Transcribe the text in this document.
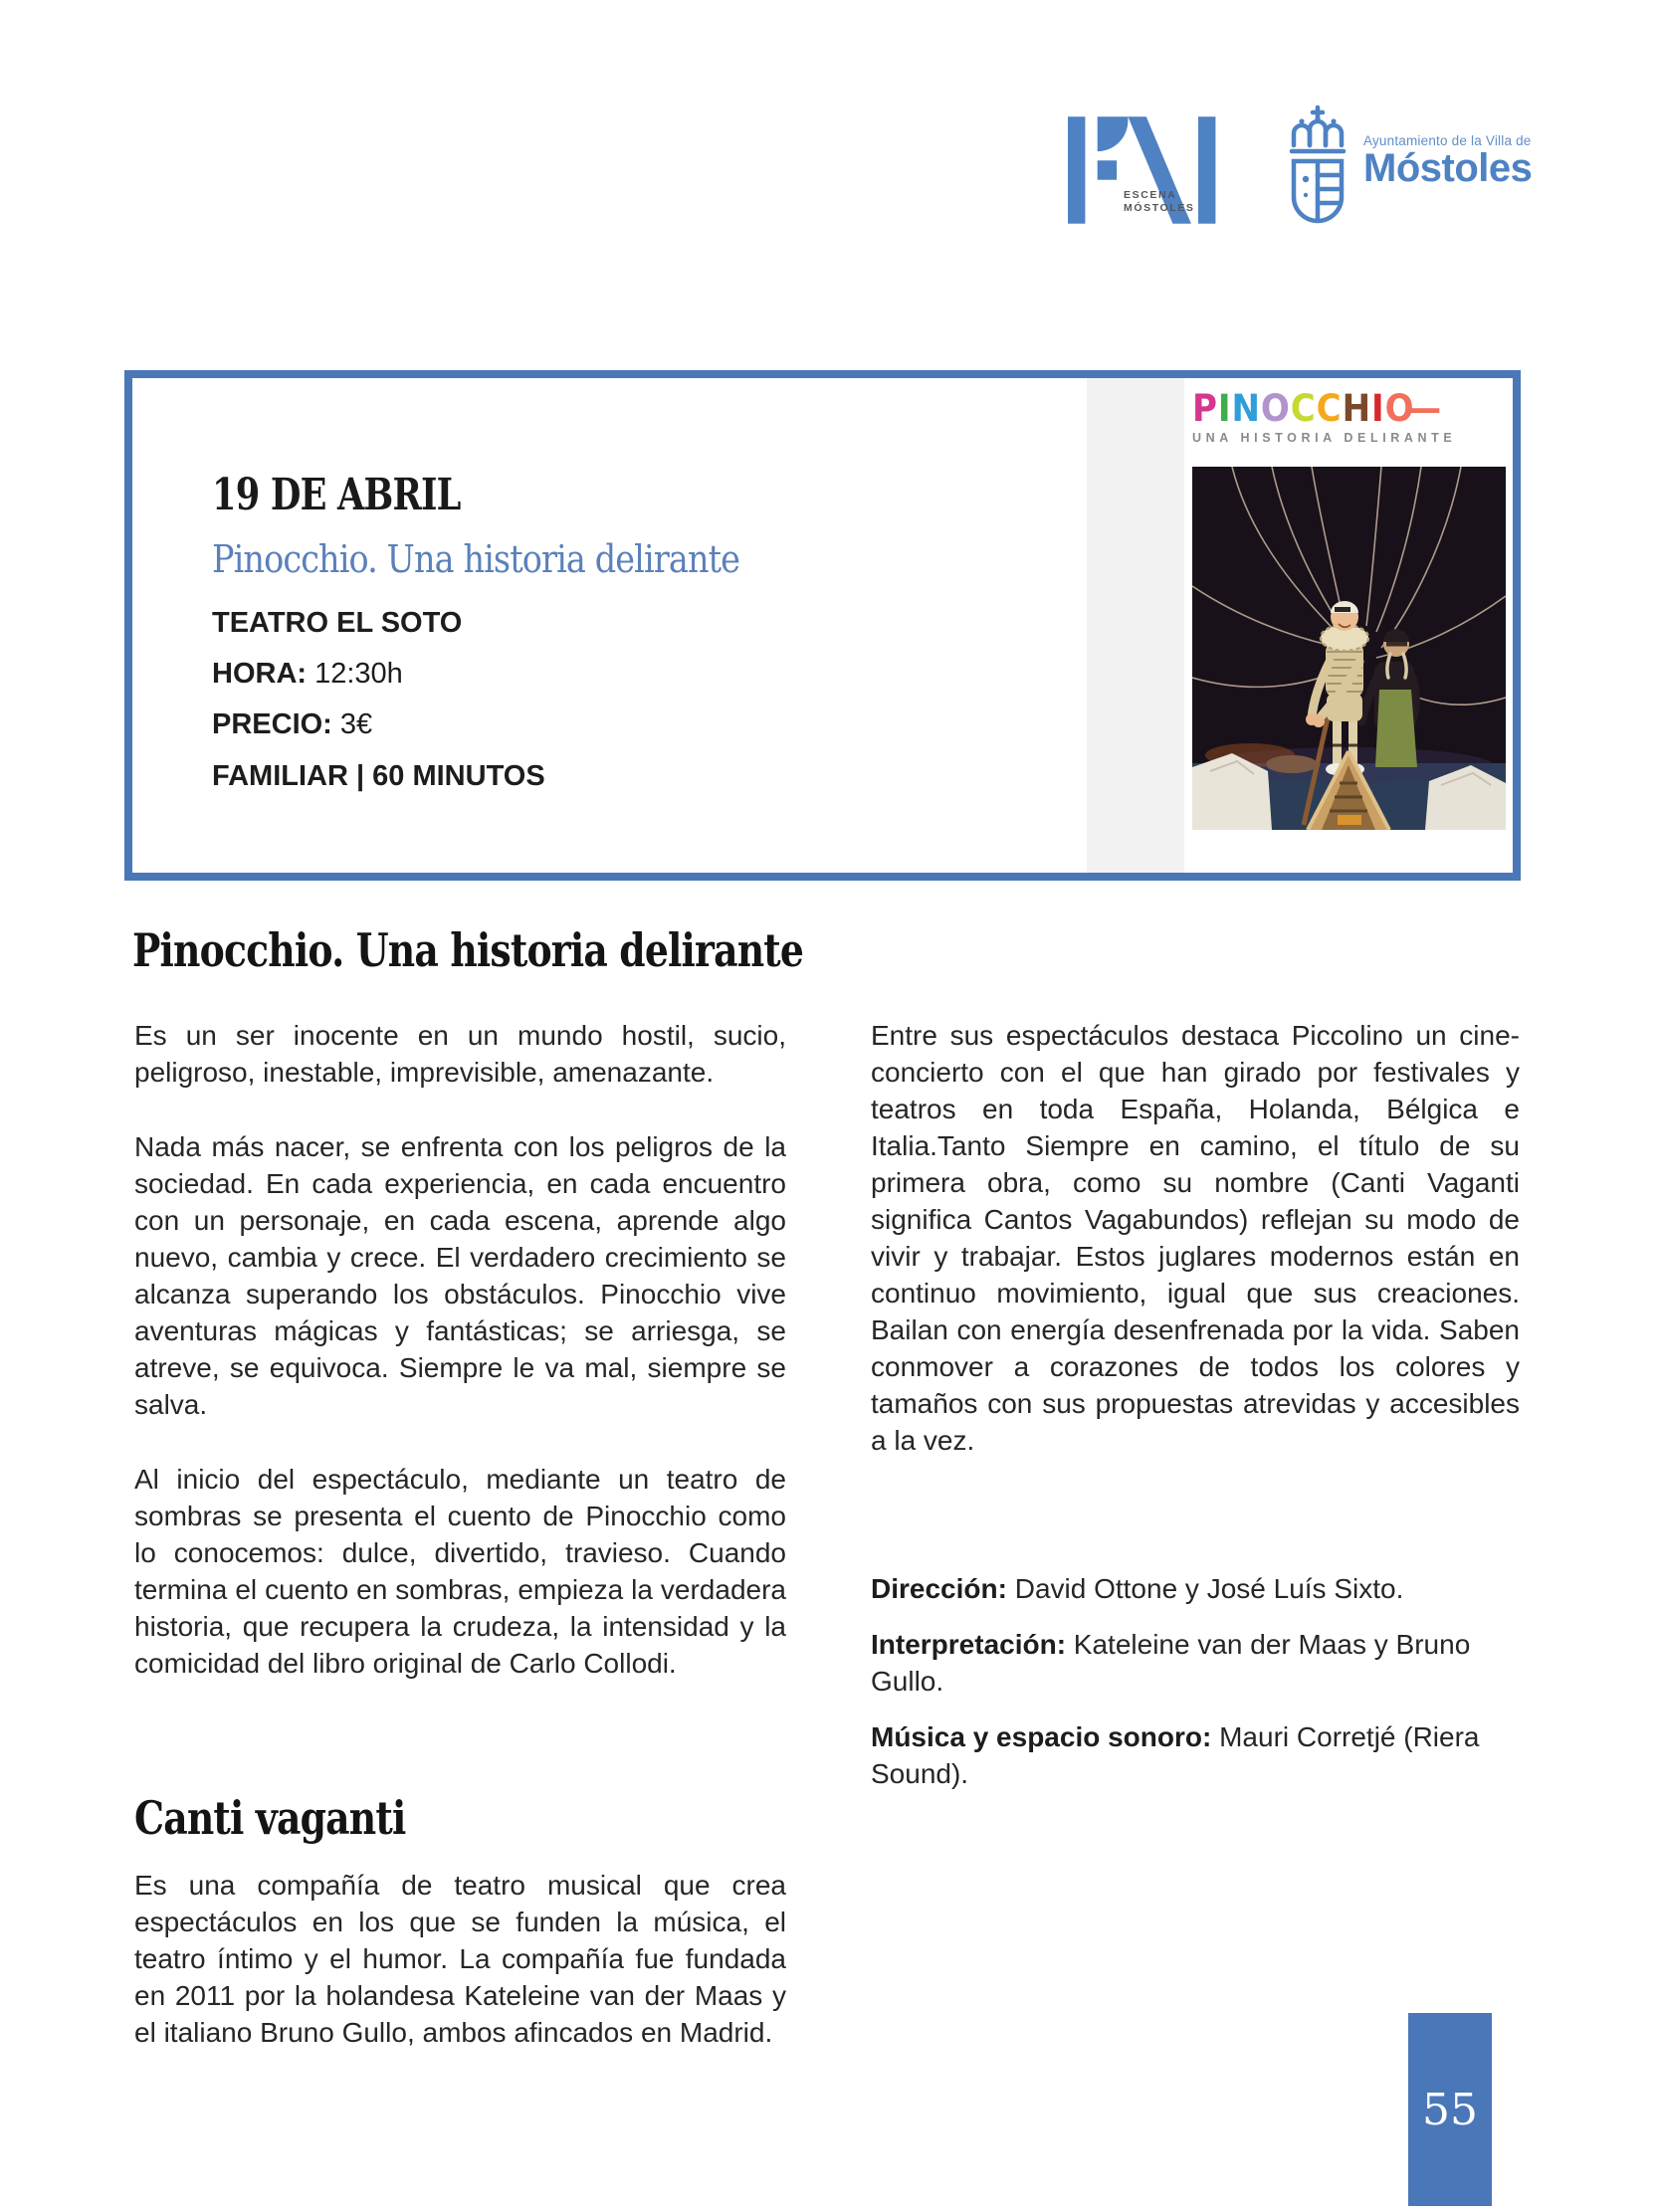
ESCENA
MÓSTOLES
Ayuntamiento de la Villa de
Móstoles
19 DE ABRIL
Pinocchio. Una historia delirante
TEATRO EL SOTO
HORA: 12:30h
PRECIO: 3€
FAMILIAR | 60 MINUTOS
PINOCCHIO—
UNA HISTORIA DELIRANTE
Pinocchio. Una historia delirante

Es un ser inocente en un mundo hostil, sucio, peligroso, inestable, imprevisible, amenazante.

Nada más nacer, se enfrenta con los peligros de la sociedad. En cada experiencia, en cada encuentro con un personaje, en cada escena, aprende algo nuevo, cambia y crece. El verdadero crecimiento se alcanza superando los obstáculos. Pinocchio vive aventuras mágicas y fantásticas; se arriesga, se atreve, se equivoca. Siempre le va mal, siempre se salva.

Al inicio del espectáculo, mediante un teatro de sombras se presenta el cuento de Pinocchio como lo conocemos: dulce, divertido, travieso. Cuando termina el cuento en sombras, empieza la verdadera historia, que recupera la crudeza, la intensidad y la comicidad del libro original de Carlo Collodi.

Canti vaganti

Es una compañía de teatro musical que crea espectáculos en los que se funden la música, el teatro íntimo y el humor. La compañía fue fundada en 2011 por la holandesa Kateleine van der Maas y el italiano Bruno Gullo, ambos afincados en Madrid.

Entre sus espectáculos destaca Piccolino un cine-concierto con el que han girado por festivales y teatros en toda España, Holanda, Bélgica e Italia.Tanto Siempre en camino, el título de su primera obra, como su nombre (Canti Vaganti significa Cantos Vagabundos) reflejan su modo de vivir y trabajar. Estos juglares modernos están en continuo movimiento, igual que sus creaciones. Bailan con energía desenfrenada por la vida. Saben conmover a corazones de todos los colores y tamaños con sus propuestas atrevidas y accesibles a la vez.

Dirección: David Ottone y José Luís Sixto.

Interpretación: Kateleine van der Maas y Bruno Gullo.

Música y espacio sonoro: Mauri Corretjé (Riera Sound).

55
